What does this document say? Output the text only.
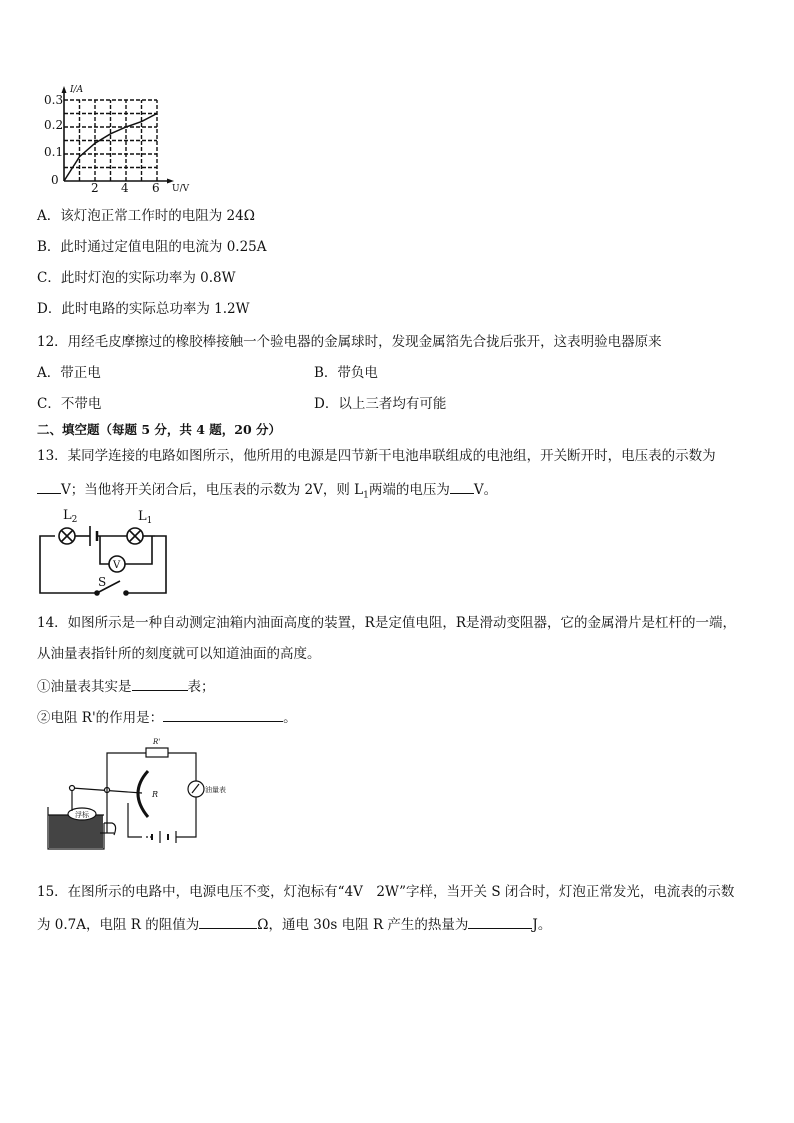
I/A
U/V
0
0.1
0.2
0.3
2 4 6
A．该灯泡正常工作时的电阻为 24Ω
B．此时通过定值电阻的电流为 0.25A
C．此时灯泡的实际功率为 0.8W
D．此时电路的实际总功率为 1.2W
12．用经毛皮摩擦过的橡胶棒接触一个验电器的金属球时，发现金属箔先合拢后张开，这表明验电器原来
A．带正电	B．带负电
C．不带电	D．以上三者均有可能
二、填空题（每题 5 分，共 4 题，20 分）
13．某同学连接的电路如图所示，他所用的电源是四节新干电池串联组成的电池组，开关断开时，电压表的示数为
V；当他将开关闭合后，电压表的示数为 2V，则 $L_1$两端的电压为 V。
$L_2$	$L_1$
V
S
14．如图所示是一种自动测定油箱内油面高度的装置，R是定值电阻，R是滑动变阻器，它的金属滑片是杠杆的一端，
从油量表指针所的刻度就可以知道油面的高度。
①油量表其实是	表；
②电阻 R'的作用是：	。
R'
R	油量表
浮标
15．在图所示的电路中，电源电压不变，灯泡标有“4V　2W”字样，当开关 S 闭合时，灯泡正常发光，电流表的示数
为 0.7A，电阻 R 的阻值为	Ω，通电 30s 电阻 R 产生的热量为	J。
